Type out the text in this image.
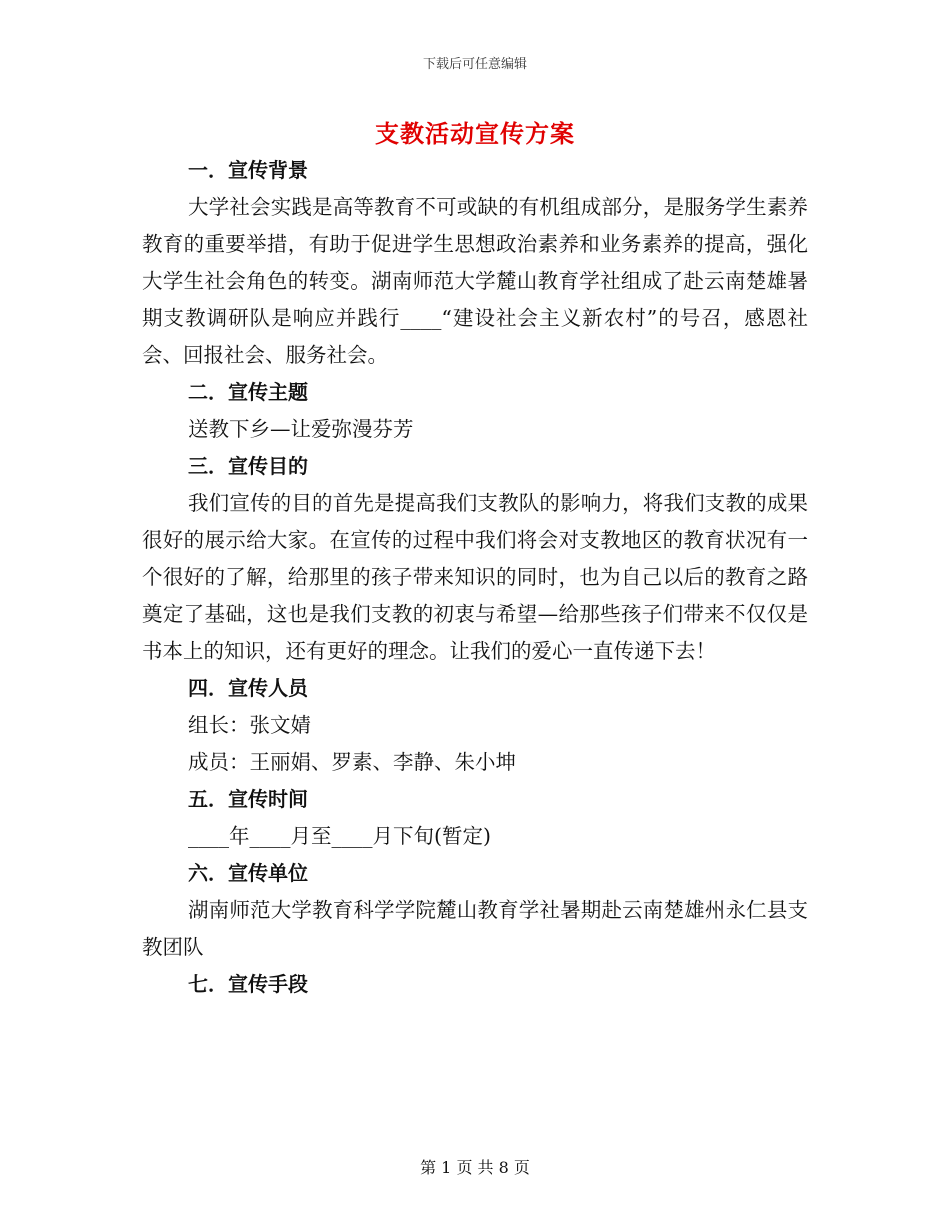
下载后可任意编辑
支教活动宣传方案

一．宣传背景

大学社会实践是高等教育不可或缺的有机组成部分，是服务学生素养教育的重要举措，有助于促进学生思想政治素养和业务素养的提高，强化大学生社会角色的转变。湖南师范大学麓山教育学社组成了赴云南楚雄暑期支教调研队是响应并践行____“建设社会主义新农村”的号召，感恩社会、回报社会、服务社会。

二．宣传主题

送教下乡—让爱弥漫芬芳

三．宣传目的

我们宣传的目的首先是提高我们支教队的影响力，将我们支教的成果很好的展示给大家。在宣传的过程中我们将会对支教地区的教育状况有一个很好的了解，给那里的孩子带来知识的同时，也为自己以后的教育之路奠定了基础，这也是我们支教的初衷与希望—给那些孩子们带来不仅仅是书本上的知识，还有更好的理念。让我们的爱心一直传递下去！

四．宣传人员

组长：张文婧

成员：王丽娟、罗素、李静、朱小坤

五．宣传时间

____年____月至____月下旬(暂定)

六．宣传单位

湖南师范大学教育科学学院麓山教育学社暑期赴云南楚雄州永仁县支教团队

七．宣传手段

第 1 页 共 8 页
